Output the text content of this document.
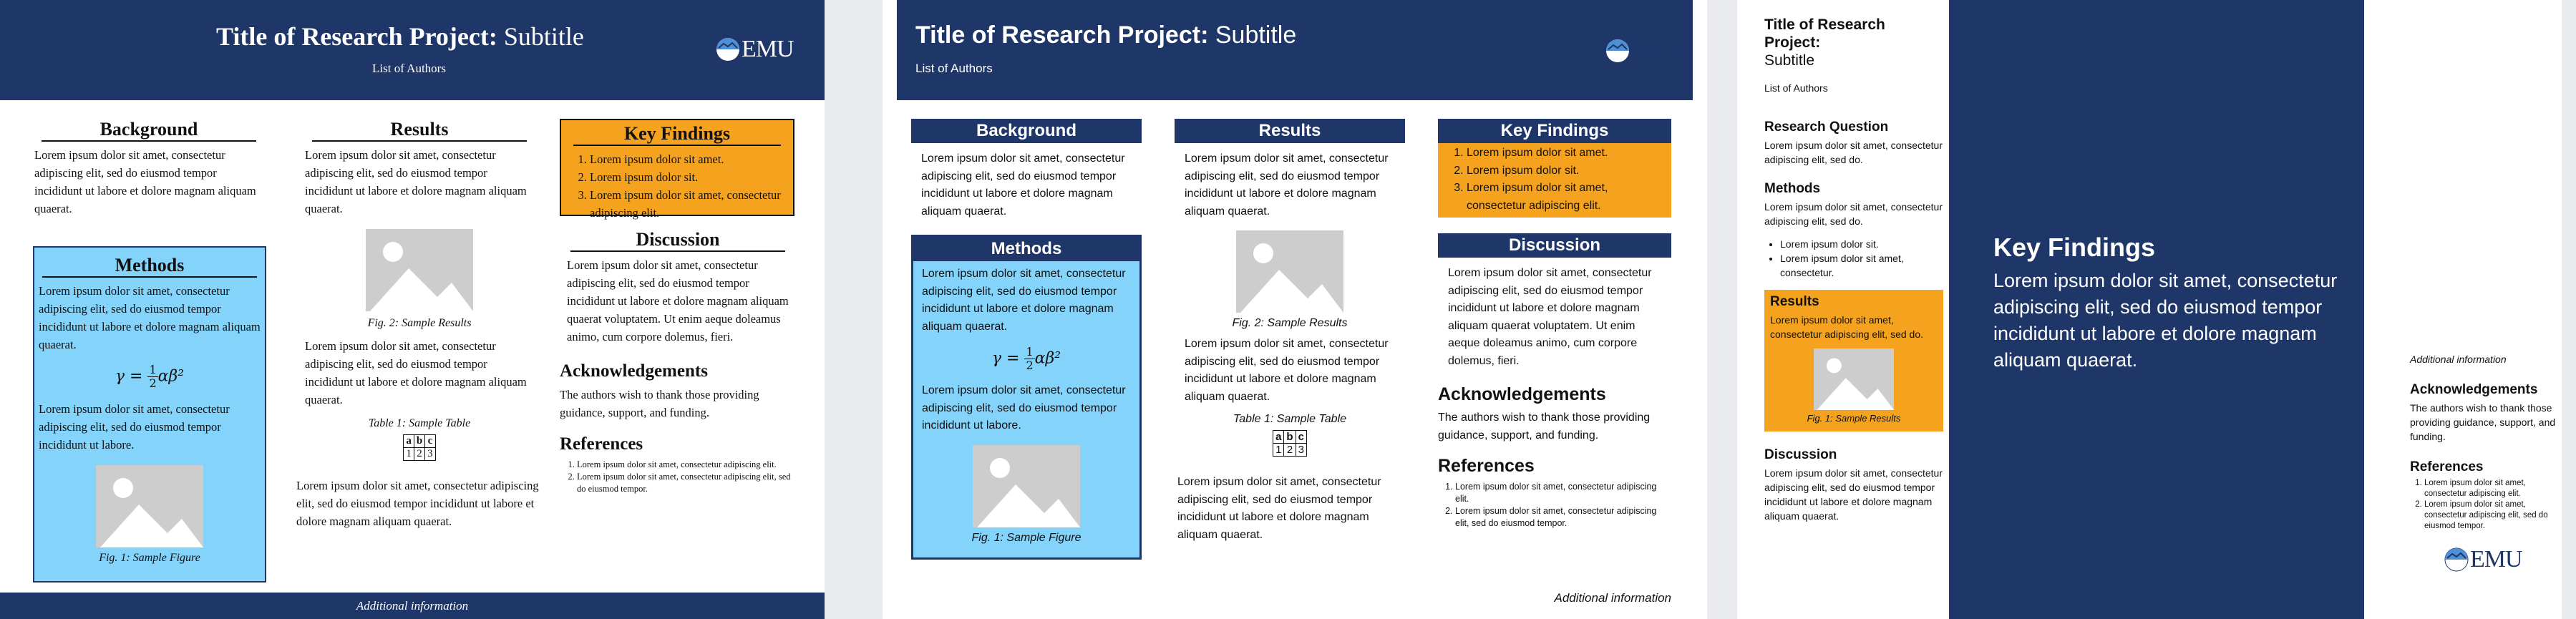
Title of Research Project: Subtitle
List of Authors
EMU
Background
Lorem ipsum dolor sit amet, consectetur adipiscing elit, sed do eiusmod tempor incididunt ut labore et dolore magnam aliquam quaerat.
Methods
Lorem ipsum dolor sit amet, consectetur adipiscing elit, sed do eiusmod tempor incididunt ut labore et dolore magnam aliquam quaerat.
$\gamma = \frac{1}{2} \alpha\beta^2$
Lorem ipsum dolor sit amet, consectetur adipiscing elit, sed do eiusmod tempor incididunt ut labore.
Fig. 1: Sample Figure
Results
Lorem ipsum dolor sit amet, consectetur adipiscing elit, sed do eiusmod tempor incididunt ut labore et dolore magnam aliquam quaerat.
Fig. 2: Sample Results
Lorem ipsum dolor sit amet, consectetur adipiscing elit, sed do eiusmod tempor incididunt ut labore et dolore magnam aliquam quaerat.
Table 1: Sample Table
a	b	c
1	2	3
Lorem ipsum dolor sit amet, consectetur adipiscing elit, sed do eiusmod tempor incididunt ut labore et dolore magnam aliquam quaerat.
Key Findings
1. Lorem ipsum dolor sit amet.
2. Lorem ipsum dolor sit.
3. Lorem ipsum dolor sit amet, consectetur adipiscing elit.
Discussion
Lorem ipsum dolor sit amet, consectetur adipiscing elit, sed do eiusmod tempor incididunt ut labore et dolore magnam aliquam quaerat voluptatem. Ut enim aeque doleamus animo, cum corpore dolemus, fieri.
Acknowledgements
The authors wish to thank those providing guidance, support, and funding.
References
1. Lorem ipsum dolor sit amet, consectetur adipiscing elit.
2. Lorem ipsum dolor sit amet, consectetur adipiscing elit, sed do eiusmod tempor.
Additional information
Title of Research Project: Subtitle
List of Authors
EMU
Background
Lorem ipsum dolor sit amet, consectetur adipiscing elit, sed do eiusmod tempor incididunt ut labore et dolore magnam aliquam quaerat.
Methods
Lorem ipsum dolor sit amet, consectetur adipiscing elit, sed do eiusmod tempor incididunt ut labore et dolore magnam aliquam quaerat.
$\gamma = \frac{1}{2} \alpha\beta^2$
Lorem ipsum dolor sit amet, consectetur adipiscing elit, sed do eiusmod tempor incididunt ut labore.
Fig. 1: Sample Figure
Results
Lorem ipsum dolor sit amet, consectetur adipiscing elit, sed do eiusmod tempor incididunt ut labore et dolore magnam aliquam quaerat.
Fig. 2: Sample Results
Lorem ipsum dolor sit amet, consectetur adipiscing elit, sed do eiusmod tempor incididunt ut labore et dolore magnam aliquam quaerat.
Table 1: Sample Table
a	b	c
1	2	3
Lorem ipsum dolor sit amet, consectetur adipiscing elit, sed do eiusmod tempor incididunt ut labore et dolore magnam aliquam quaerat.
Key Findings
1. Lorem ipsum dolor sit amet.
2. Lorem ipsum dolor sit.
3. Lorem ipsum dolor sit amet, consectetur adipiscing elit.
Discussion
Lorem ipsum dolor sit amet, consectetur adipiscing elit, sed do eiusmod tempor incididunt ut labore et dolore magnam aliquam quaerat voluptatem. Ut enim aeque doleamus animo, cum corpore dolemus, fieri.
Acknowledgements
The authors wish to thank those providing guidance, support, and funding.
References
1. Lorem ipsum dolor sit amet, consectetur adipiscing elit.
2. Lorem ipsum dolor sit amet, consectetur adipiscing elit, sed do eiusmod tempor.
Additional information
Title of Research Project:
Subtitle
List of Authors
Research Question
Lorem ipsum dolor sit amet, consectetur adipiscing elit, sed do.
Methods
Lorem ipsum dolor sit amet, consectetur adipiscing elit, sed do.
• Lorem ipsum dolor sit.
• Lorem ipsum dolor sit amet, consectetur.
Results
Lorem ipsum dolor sit amet, consectetur adipiscing elit, sed do.
Fig. 1: Sample Results
Discussion
Lorem ipsum dolor sit amet, consectetur adipiscing elit, sed do eiusmod tempor incididunt ut labore et dolore magnam aliquam quaerat.
Key Findings
Lorem ipsum dolor sit amet, consectetur adipiscing elit, sed do eiusmod tempor incididunt ut labore et dolore magnam aliquam quaerat.	Additional information
Acknowledgements
The authors wish to thank those providing guidance, support, and funding.
References
1. Lorem ipsum dolor sit amet, consectetur adipiscing elit.
2. Lorem ipsum dolor sit amet, consectetur adipiscing elit, sed do eiusmod tempor.
EMU
